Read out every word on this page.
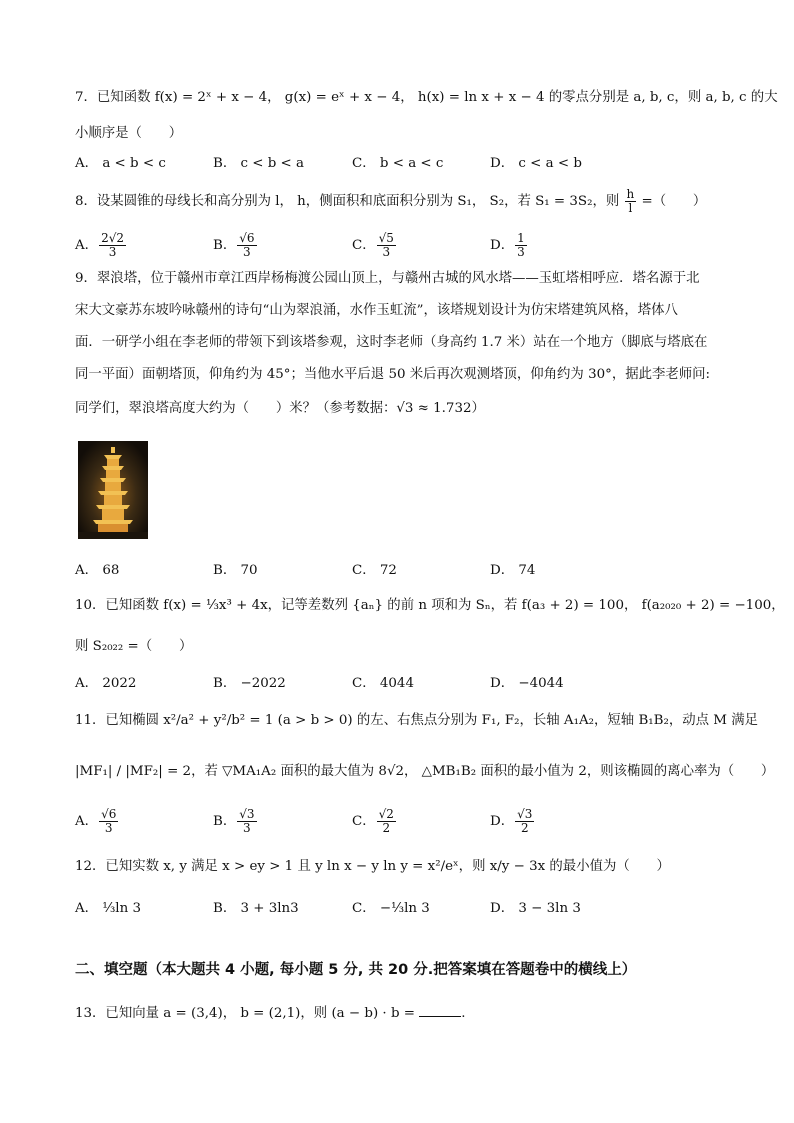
7．已知函数 f(x) = 2ˣ + x − 4， g(x) = eˣ + x − 4， h(x) = ln x + x − 4 的零点分别是 a, b, c，则 a, b, c 的大
小顺序是（　　）
A． a < b < c	B． c < b < a	C． b < a < c	D． c < a < b
8．设某圆锥的母线长和高分别为 l， h，侧面积和底面积分别为 S₁， S₂，若 S₁ = 3S₂，则 $\frac{h}{l}$ =（　　）
A． $\frac{2√2}{3}$	B． $\frac{√6}{3}$	C． $\frac{√5}{3}$	D． $\frac{1}{3}$
9．翠浪塔，位于赣州市章江西岸杨梅渡公园山顶上，与赣州古城的风水塔——玉虹塔相呼应．塔名源于北
宋大文豪苏东坡吟咏赣州的诗句“山为翠浪涌，水作玉虹流”，该塔规划设计为仿宋塔建筑风格，塔体八
面．一研学小组在李老师的带领下到该塔参观，这时李老师（身高约 1.7 米）站在一个地方（脚底与塔底在
同一平面）面朝塔顶，仰角约为 45°；当他水平后退 50 米后再次观测塔顶，仰角约为 30°，据此李老师问:
同学们，翠浪塔高度大约为（　　）米？（参考数据：√3 ≈ 1.732）
A． 68	B． 70	C． 72	D． 74
10．已知函数 f(x) = ⅓x³ + 4x，记等差数列 {aₙ} 的前 n 项和为 Sₙ，若 f(a₃ + 2) = 100， f(a₂₀₂₀ + 2) = −100，
则 S₂₀₂₂ =（　　）
A． 2022	B． −2022	C． 4044	D． −4044
11．已知椭圆 x²/a² + y²/b² = 1 (a > b > 0) 的左、右焦点分别为 F₁, F₂，长轴 A₁A₂，短轴 B₁B₂，动点 M 满足
|MF₁| / |MF₂| = 2，若 ▽MA₁A₂ 面积的最大值为 8√2， △MB₁B₂ 面积的最小值为 2，则该椭圆的离心率为（　　）
A． $\frac{√6}{3}$	B． $\frac{√3}{3}$	C． $\frac{√2}{2}$	D． $\frac{√3}{2}$
12．已知实数 x, y 满足 x > ey > 1 且 y ln x − y ln y = x²/eˣ，则 x/y − 3x 的最小值为（　　）
A． ⅓ln 3	B． 3 + 3ln3	C． −⅓ln 3	D． 3 − 3ln 3
二、填空题（本大题共 4 小题, 每小题 5 分, 共 20 分.把答案填在答题卷中的横线上）
13．已知向量 a = (3,4)， b = (2,1)，则 (a − b) · b =	.
